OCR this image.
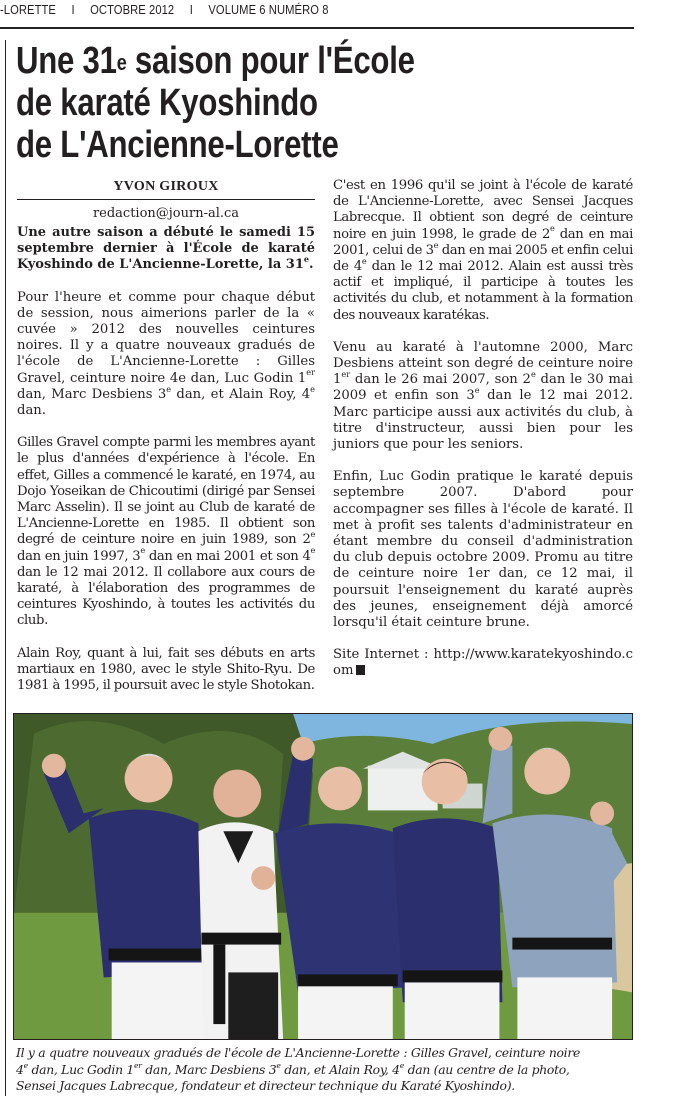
-LORETTE I OCTOBRE 2012 I VOLUME 6 NUMÉRO 8
Une 31e saison pour l'École
de karaté Kyoshindo
de L'Ancienne-Lorette
YVON GIROUX
redaction@journ-al.ca
Une autre saison a débuté le samedi 15 septembre dernier à l'École de karaté Kyoshindo de L'Ancienne-Lorette, la 31e.

Pour l'heure et comme pour chaque début de session, nous aimerions parler de la « cuvée » 2012 des nouvelles ceintures noires. Il y a quatre nouveaux gradués de l'école de L'Ancienne-Lorette : Gilles Gravel, ceinture noire 4e dan, Luc Godin 1er dan, Marc Desbiens 3e dan, et Alain Roy, 4e dan.

Gilles Gravel compte parmi les membres ayant le plus d'années d'expérience à l'école. En effet, Gilles a commencé le karaté, en 1974, au Dojo Yoseikan de Chicoutimi (dirigé par Sensei Marc Asselin). Il se joint au Club de karaté de L'Ancienne-Lorette en 1985. Il obtient son degré de ceinture noire en juin 1989, son 2e dan en juin 1997, 3e dan en mai 2001 et son 4e dan le 12 mai 2012. Il collabore aux cours de karaté, à l'élaboration des programmes de ceintures Kyoshindo, à toutes les activités du club.

Alain Roy, quant à lui, fait ses débuts en arts martiaux en 1980, avec le style Shito-Ryu. De 1981 à 1995, il poursuit avec le style Shotokan.

C'est en 1996 qu'il se joint à l'école de karaté de L'Ancienne-Lorette, avec Sensei Jacques Labrecque. Il obtient son degré de ceinture noire en juin 1998, le grade de 2e dan en mai 2001, celui de 3e dan en mai 2005 et enfin celui de 4e dan le 12 mai 2012. Alain est aussi très actif et impliqué, il participe à toutes les activités du club, et notamment à la formation des nouveaux karatékas.

Venu au karaté à l'automne 2000, Marc Desbiens atteint son degré de ceinture noire 1er dan le 26 mai 2007, son 2e dan le 30 mai 2009 et enfin son 3e dan le 12 mai 2012. Marc participe aussi aux activités du club, à titre d'instructeur, aussi bien pour les juniors que pour les seniors.

Enfin, Luc Godin pratique le karaté depuis septembre 2007. D'abord pour accompagner ses filles à l'école de karaté. Il met à profit ses talents d'administrateur en étant membre du conseil d'administration du club depuis octobre 2009. Promu au titre de ceinture noire 1er dan, ce 12 mai, il poursuit l'enseignement du karaté auprès des jeunes, enseignement déjà amorcé lorsqu'il était ceinture brune.

Site Internet : http://www.karatekyoshindo.com

Il y a quatre nouveaux gradués de l'école de L'Ancienne-Lorette : Gilles Gravel, ceinture noire
4e dan, Luc Godin 1er dan, Marc Desbiens 3e dan, et Alain Roy, 4e dan (au centre de la photo,
Sensei Jacques Labrecque, fondateur et directeur technique du Karaté Kyoshindo).
